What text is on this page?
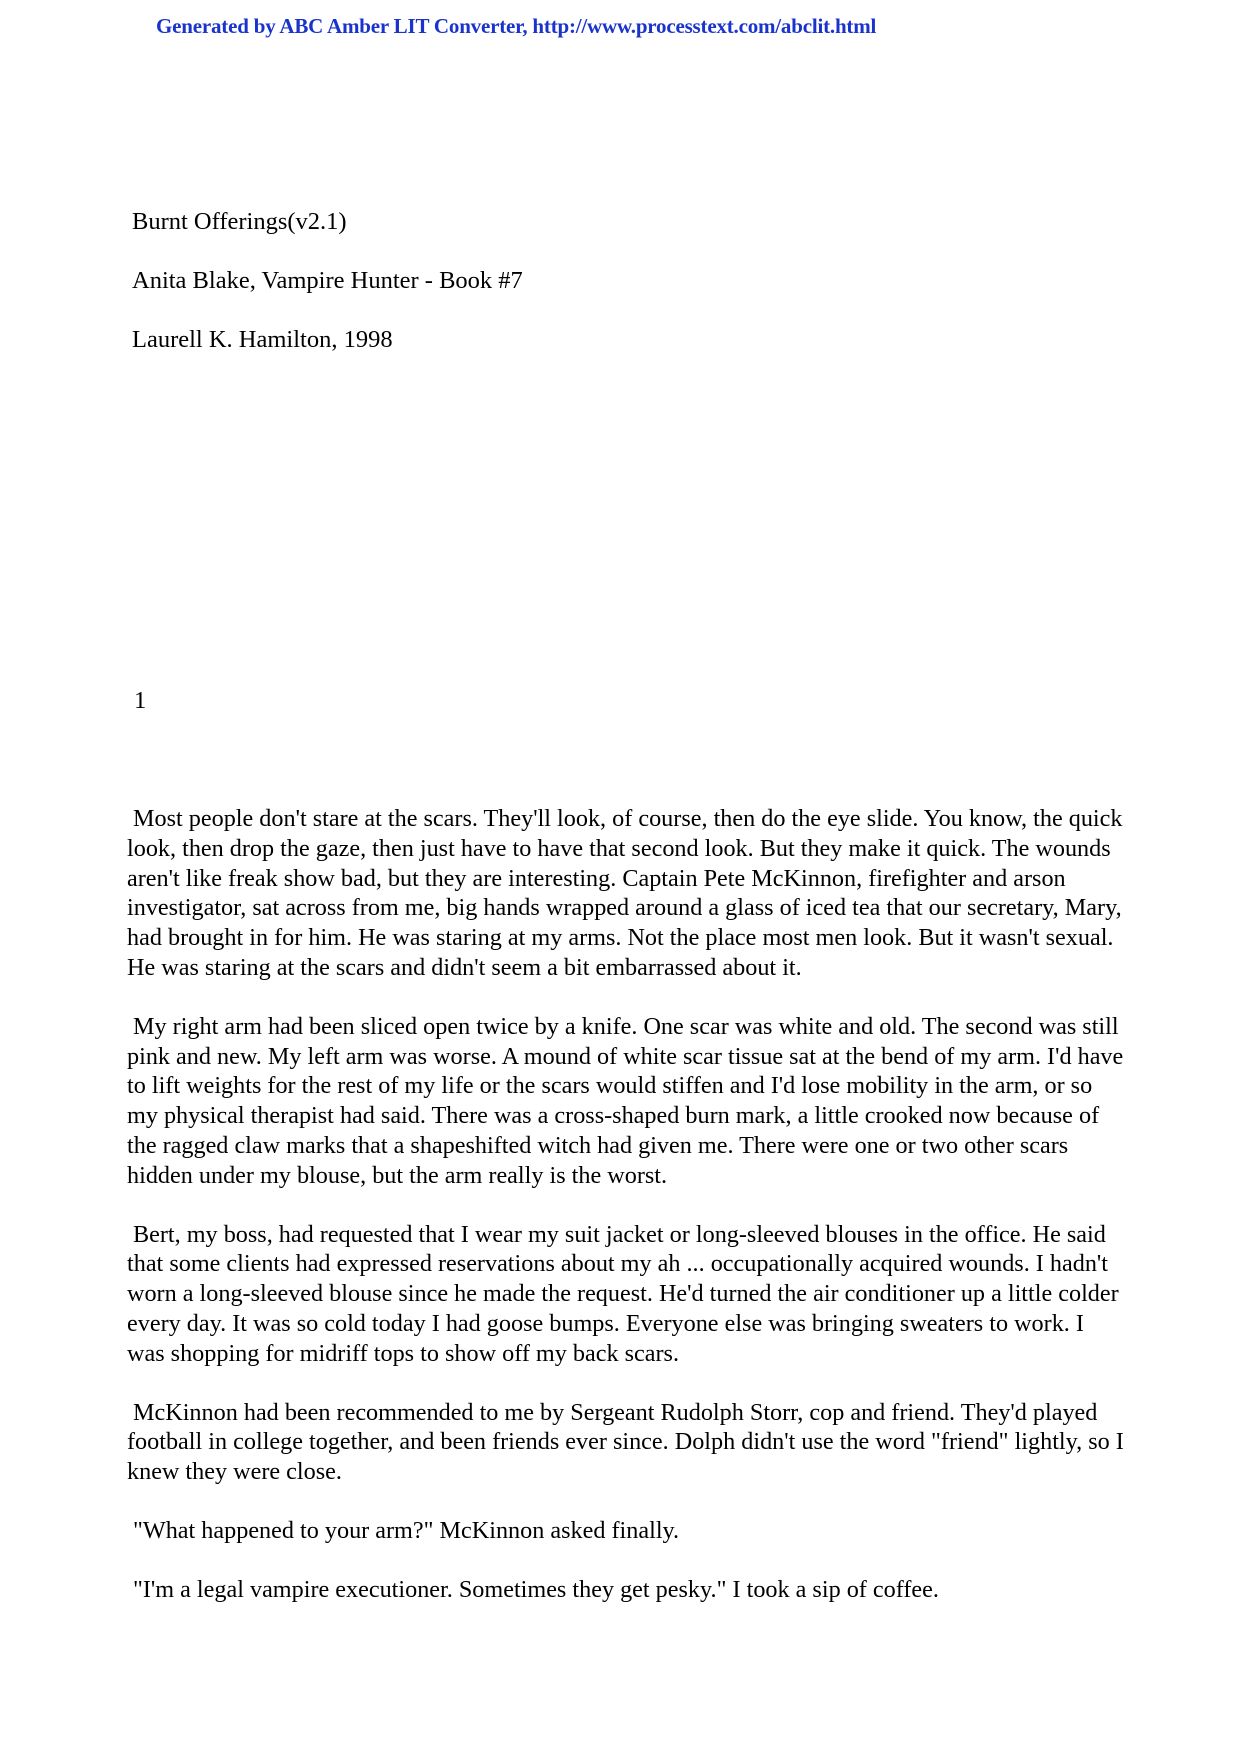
Generated by ABC Amber LIT Converter, http://www.processtext.com/abclit.html
Burnt Offerings(v2.1)
Anita Blake, Vampire Hunter - Book #7
Laurell K. Hamilton, 1998
1

Most people don't stare at the scars. They'll look, of course, then do the eye slide. You know, the quick look, then drop the gaze, then just have to have that second look. But they make it quick. The wounds aren't like freak show bad, but they are interesting. Captain Pete McKinnon, firefighter and arson investigator, sat across from me, big hands wrapped around a glass of iced tea that our secretary, Mary, had brought in for him. He was staring at my arms. Not the place most men look. But it wasn't sexual. He was staring at the scars and didn't seem a bit embarrassed about it.

My right arm had been sliced open twice by a knife. One scar was white and old. The second was still pink and new. My left arm was worse. A mound of white scar tissue sat at the bend of my arm. I'd have to lift weights for the rest of my life or the scars would stiffen and I'd lose mobility in the arm, or so my physical therapist had said. There was a cross-shaped burn mark, a little crooked now because of the ragged claw marks that a shapeshifted witch had given me. There were one or two other scars hidden under my blouse, but the arm really is the worst.

Bert, my boss, had requested that I wear my suit jacket or long-sleeved blouses in the office. He said that some clients had expressed reservations about my ah ... occupationally acquired wounds. I hadn't worn a long-sleeved blouse since he made the request. He'd turned the air conditioner up a little colder every day. It was so cold today I had goose bumps. Everyone else was bringing sweaters to work. I was shopping for midriff tops to show off my back scars.

McKinnon had been recommended to me by Sergeant Rudolph Storr, cop and friend. They'd played football in college together, and been friends ever since. Dolph didn't use the word "friend" lightly, so I knew they were close.

"What happened to your arm?" McKinnon asked finally.

"I'm a legal vampire executioner. Sometimes they get pesky." I took a sip of coffee.
